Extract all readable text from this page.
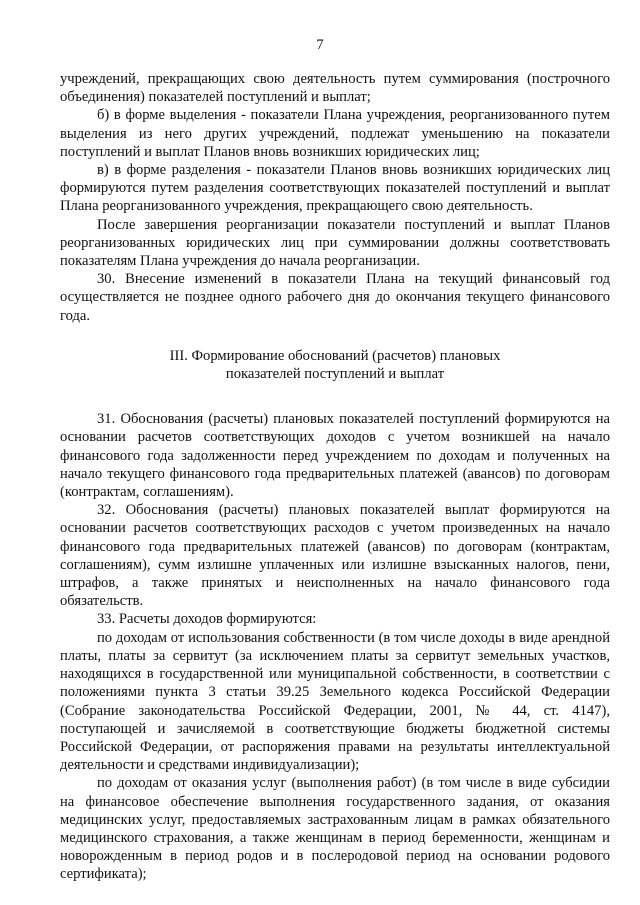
7

учреждений, прекращающих свою деятельность путем суммирования (построчного объединения) показателей поступлений и выплат;

б) в форме выделения - показатели Плана учреждения, реорганизованного путем выделения из него других учреждений, подлежат уменьшению на показатели поступлений и выплат Планов вновь возникших юридических лиц;

в) в форме разделения - показатели Планов вновь возникших юридических лиц формируются путем разделения соответствующих показателей поступлений и выплат Плана реорганизованного учреждения, прекращающего свою деятельность.

После завершения реорганизации показатели поступлений и выплат Планов реорганизованных юридических лиц при суммировании должны соответствовать показателям Плана учреждения до начала реорганизации.

30. Внесение изменений в показатели Плана на текущий финансовый год осуществляется не позднее одного рабочего дня до окончания текущего финансового года.

III. Формирование обоснований (расчетов) плановых

показателей поступлений и выплат

31. Обоснования (расчеты) плановых показателей поступлений формируются на основании расчетов соответствующих доходов с учетом возникшей на начало финансового года задолженности перед учреждением по доходам и полученных на начало текущего финансового года предварительных платежей (авансов) по договорам (контрактам, соглашениям).

32. Обоснования (расчеты) плановых показателей выплат формируются на основании расчетов соответствующих расходов с учетом произведенных на начало финансового года предварительных платежей (авансов) по договорам (контрактам, соглашениям), сумм излишне уплаченных или излишне взысканных налогов, пени, штрафов, а также принятых и неисполненных на начало финансового года обязательств.

33. Расчеты доходов формируются:

по доходам от использования собственности (в том числе доходы в виде арендной платы, платы за сервитут (за исключением платы за сервитут земельных участков, находящихся в государственной или муниципальной собственности, в соответствии с положениями пункта 3 статьи 39.25 Земельного кодекса Российской Федерации (Собрание законодательства Российской Федерации, 2001, № 44, ст. 4147), поступающей и зачисляемой в соответствующие бюджеты бюджетной системы Российской Федерации, от распоряжения правами на результаты интеллектуальной деятельности и средствами индивидуализации);

по доходам от оказания услуг (выполнения работ) (в том числе в виде субсидии на финансовое обеспечение выполнения государственного задания, от оказания медицинских услуг, предоставляемых застрахованным лицам в рамках обязательного медицинского страхования, а также женщинам в период беременности, женщинам и новорожденным в период родов и в послеродовой период на основании родового сертификата);
